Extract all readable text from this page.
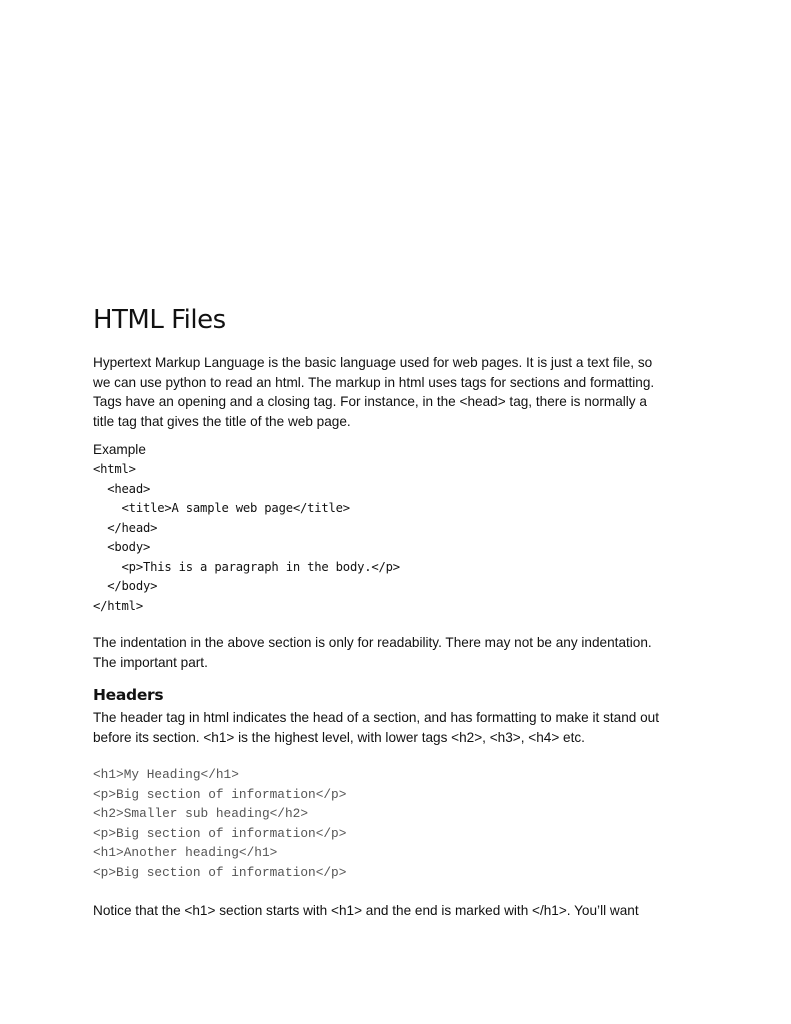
HTML Files
Hypertext Markup Language is the basic language used for web pages. It is just a text file, so
we can use python to read an html. The markup in html uses tags for sections and formatting.
Tags have an opening and a closing tag. For instance, in the <head> tag, there is normally a
title tag that gives the title of the web page.
Example
<html>
<head>
<title>A sample web page</title>
</head>
<body>
<p>This is a paragraph in the body.</p>
</body>
</html>
The indentation in the above section is only for readability. There may not be any indentation.
The important part.
Headers
The header tag in html indicates the head of a section, and has formatting to make it stand out
before its section. <h1> is the highest level, with lower tags <h2>, <h3>, <h4> etc.
<h1>My Heading</h1>
<p>Big section of information</p>
<h2>Smaller sub heading</h2>
<p>Big section of information</p>
<h1>Another heading</h1>
<p>Big section of information</p>
Notice that the <h1> section starts with <h1> and the end is marked with </h1>. You’ll want
